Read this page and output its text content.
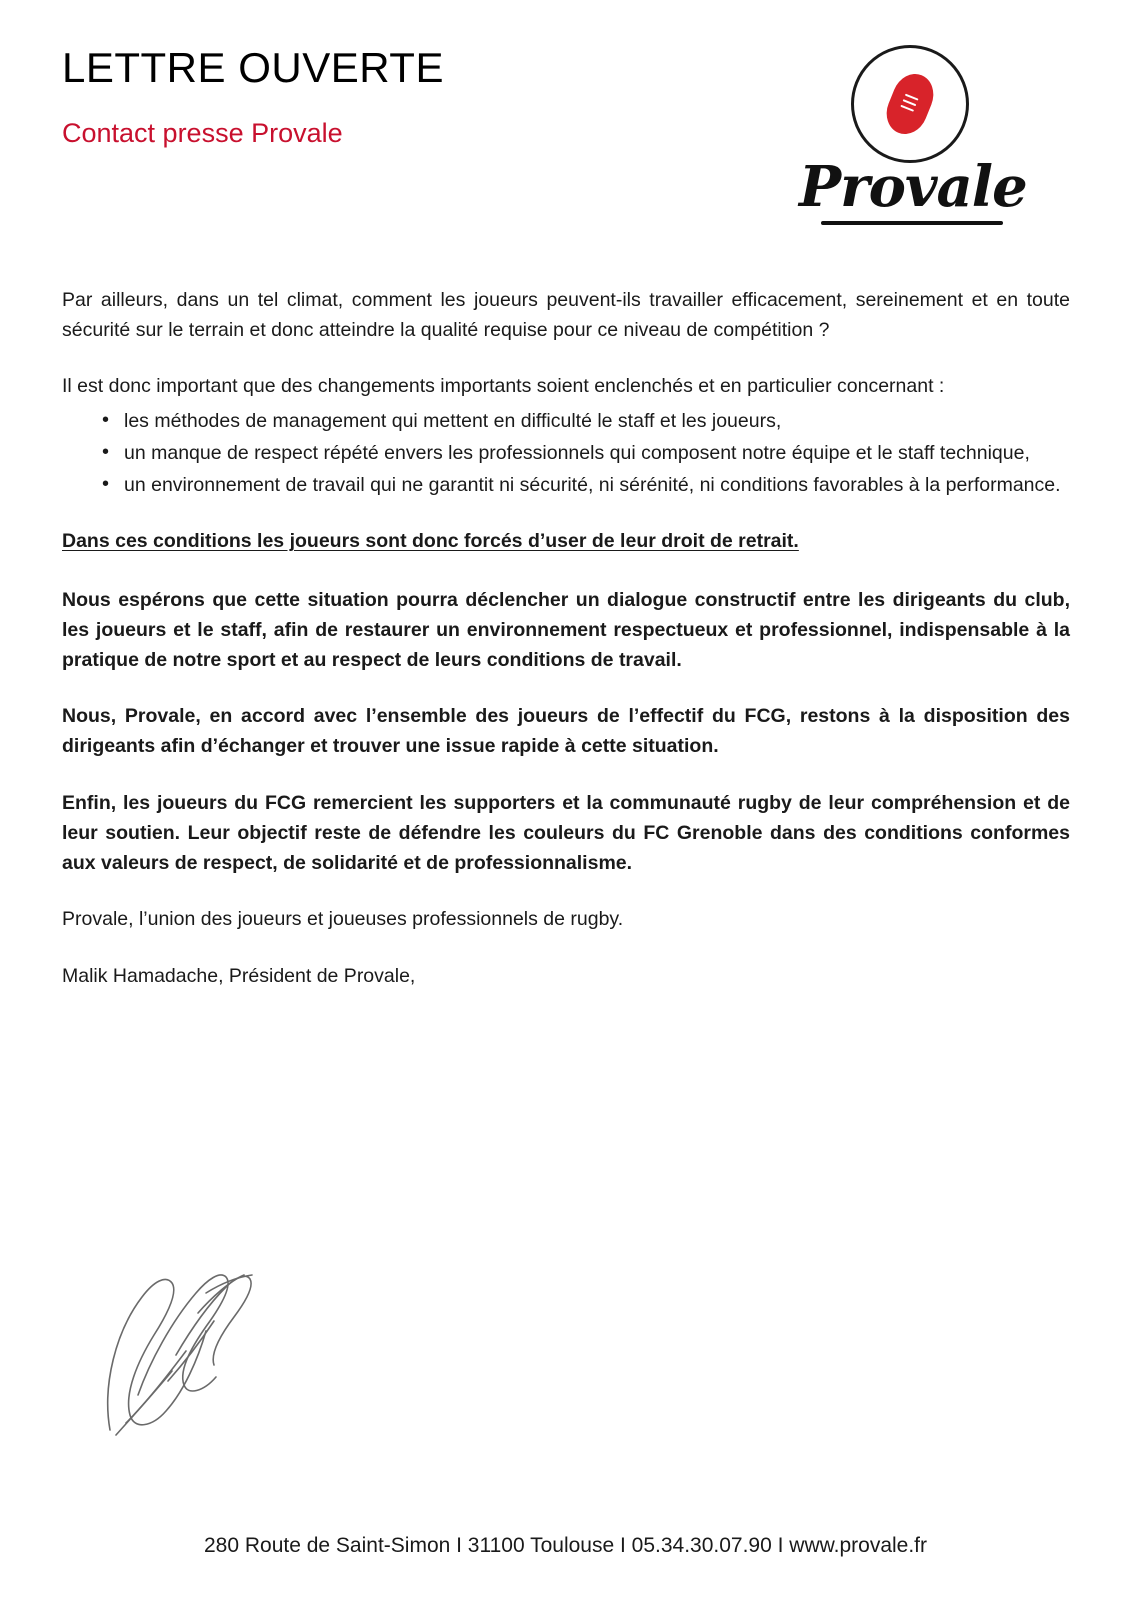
LETTRE OUVERTE
Contact presse Provale
Provale

Par ailleurs, dans un tel climat, comment les joueurs peuvent-ils travailler efficacement, sereinement et en toute sécurité sur le terrain et donc atteindre la qualité requise pour ce niveau de compétition ?

Il est donc important que des changements importants soient enclenchés et en particulier concernant :

• les méthodes de management qui mettent en difficulté le staff et les joueurs,
• un manque de respect répété envers les professionnels qui composent notre équipe et le staff technique,
• un environnement de travail qui ne garantit ni sécurité, ni sérénité, ni conditions favorables à la performance.

Dans ces conditions les joueurs sont donc forcés d’user de leur droit de retrait.

Nous espérons que cette situation pourra déclencher un dialogue constructif entre les dirigeants du club, les joueurs et le staff, afin de restaurer un environnement respectueux et professionnel, indispensable à la pratique de notre sport et au respect de leurs conditions de travail.

Nous, Provale, en accord avec l’ensemble des joueurs de l’effectif du FCG, restons à la disposition des dirigeants afin d’échanger et trouver une issue rapide à cette situation.

Enfin, les joueurs du FCG remercient les supporters et la communauté rugby de leur compréhension et de leur soutien. Leur objectif reste de défendre les couleurs du FC Grenoble dans des conditions conformes aux valeurs de respect, de solidarité et de professionnalisme.

Provale, l’union des joueurs et joueuses professionnels de rugby.

Malik Hamadache, Président de Provale,

280 Route de Saint-Simon I 31100 Toulouse I 05.34.30.07.90 I www.provale.fr
